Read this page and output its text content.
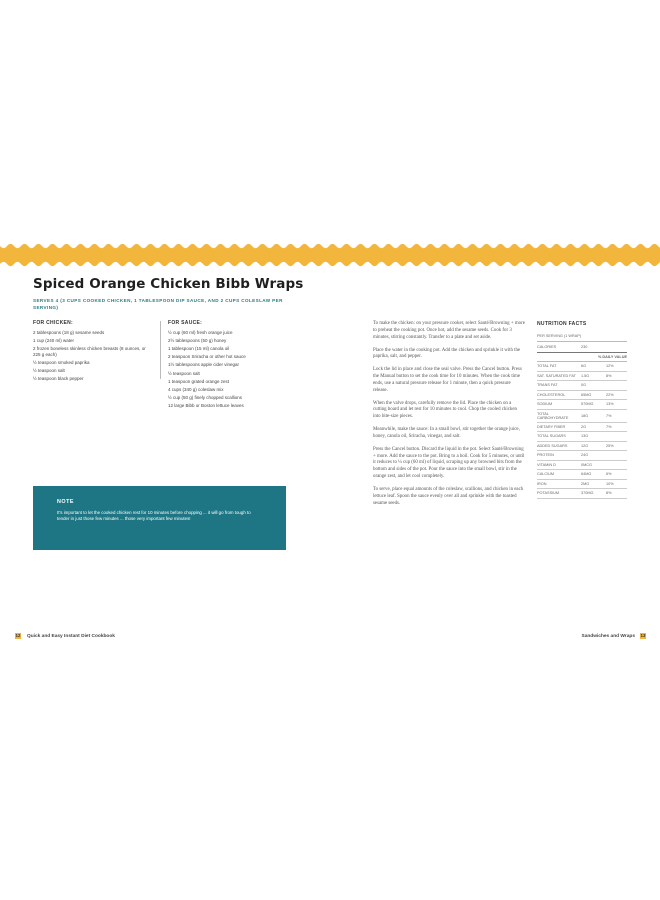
Spiced Orange Chicken Bibb Wraps
SERVES 4 (3 CUPS COOKED CHICKEN, 1 TABLESPOON DIP SAUCE, AND 2 CUPS COLESLAW PER SERVING)
FOR CHICKEN:
2 tablespoons (18 g) sesame seeds
1 cup (240 ml) water
2 frozen boneless skinless chicken breasts (8 ounces, or 225 g each)
½ teaspoon smoked paprika
½ teaspoon salt
½ teaspoon black pepper
FOR SAUCE:
½ cup (60 ml) fresh orange juice
2½ tablespoons (50 g) honey
1 tablespoon (15 ml) canola oil
2 teaspoon Sriracha or other hot sauce
1½ tablespoons apple cider vinegar
½ teaspoon salt
1 teaspoon grated orange zest
4 cups (340 g) coleslaw mix
½ cup (50 g) finely chopped scallions
12 large Bibb or Boston lettuce leaves
NOTE
It's important to let the cooked chicken rest for 10 minutes before chopping ... it will go from tough to tender in just those few minutes ... those very important few minutes!

To make the chicken: on your pressure cooker, select Sauté/Browning + more to preheat the cooking pot. Once hot, add the sesame seeds. Cook for 3 minutes, stirring constantly. Transfer to a plate and set aside.

Place the water in the cooking pot. Add the chicken and sprinkle it with the paprika, salt, and pepper.

Lock the lid in place and close the seal valve. Press the Cancel button. Press the Manual button to set the cook time for 10 minutes. When the cook time ends, use a natural pressure release for 1 minute, then a quick pressure release.

When the valve drops, carefully remove the lid. Place the chicken on a cutting board and let rest for 10 minutes to cool. Chop the cooled chicken into bite-size pieces.

Meanwhile, make the sauce: In a small bowl, stir together the orange juice, honey, canola oil, Sriracha, vinegar, and salt.

Press the Cancel button. Discard the liquid in the pot. Select Sauté/Browning + more. Add the sauce to the pot. Bring to a boil. Cook for 5 minutes, or until it reduces to ¼ cup (60 ml) of liquid, scraping up any browned bits from the bottom and sides of the pot. Pour the sauce into the small bowl, stir in the orange zest, and let cool completely.

To serve, place equal amounts of the coleslaw, scallions, and chicken in each lettuce leaf. Spoon the sauce evenly over all and sprinkle with the toasted sesame seeds.

NUTRITION FACTS
PER SERVING (1 WRAP)
CALORIES	230
% DAILY VALUE
TOTAL FAT	6G	12%
SAT. SATURATED FAT	1.5G	8%
TRANS FAT	0G
CHOLESTEROL	65MG	22%
SODIUM	570MG	13%
TOTAL CARBOHYDRATE	18G	7%
DIETARY FIBER	2G	7%
TOTAL SUGARS	13G
ADDED SUGARS	12G	25%
PROTEIN	24G
VITAMIN D	0MCG
CALCIUM	64MG	6%
IRON	2MG	10%
POTASSIUM	370MG	8%
12 Quick and Easy Instant Diet Cookbook	Sandwiches and Wraps 13
